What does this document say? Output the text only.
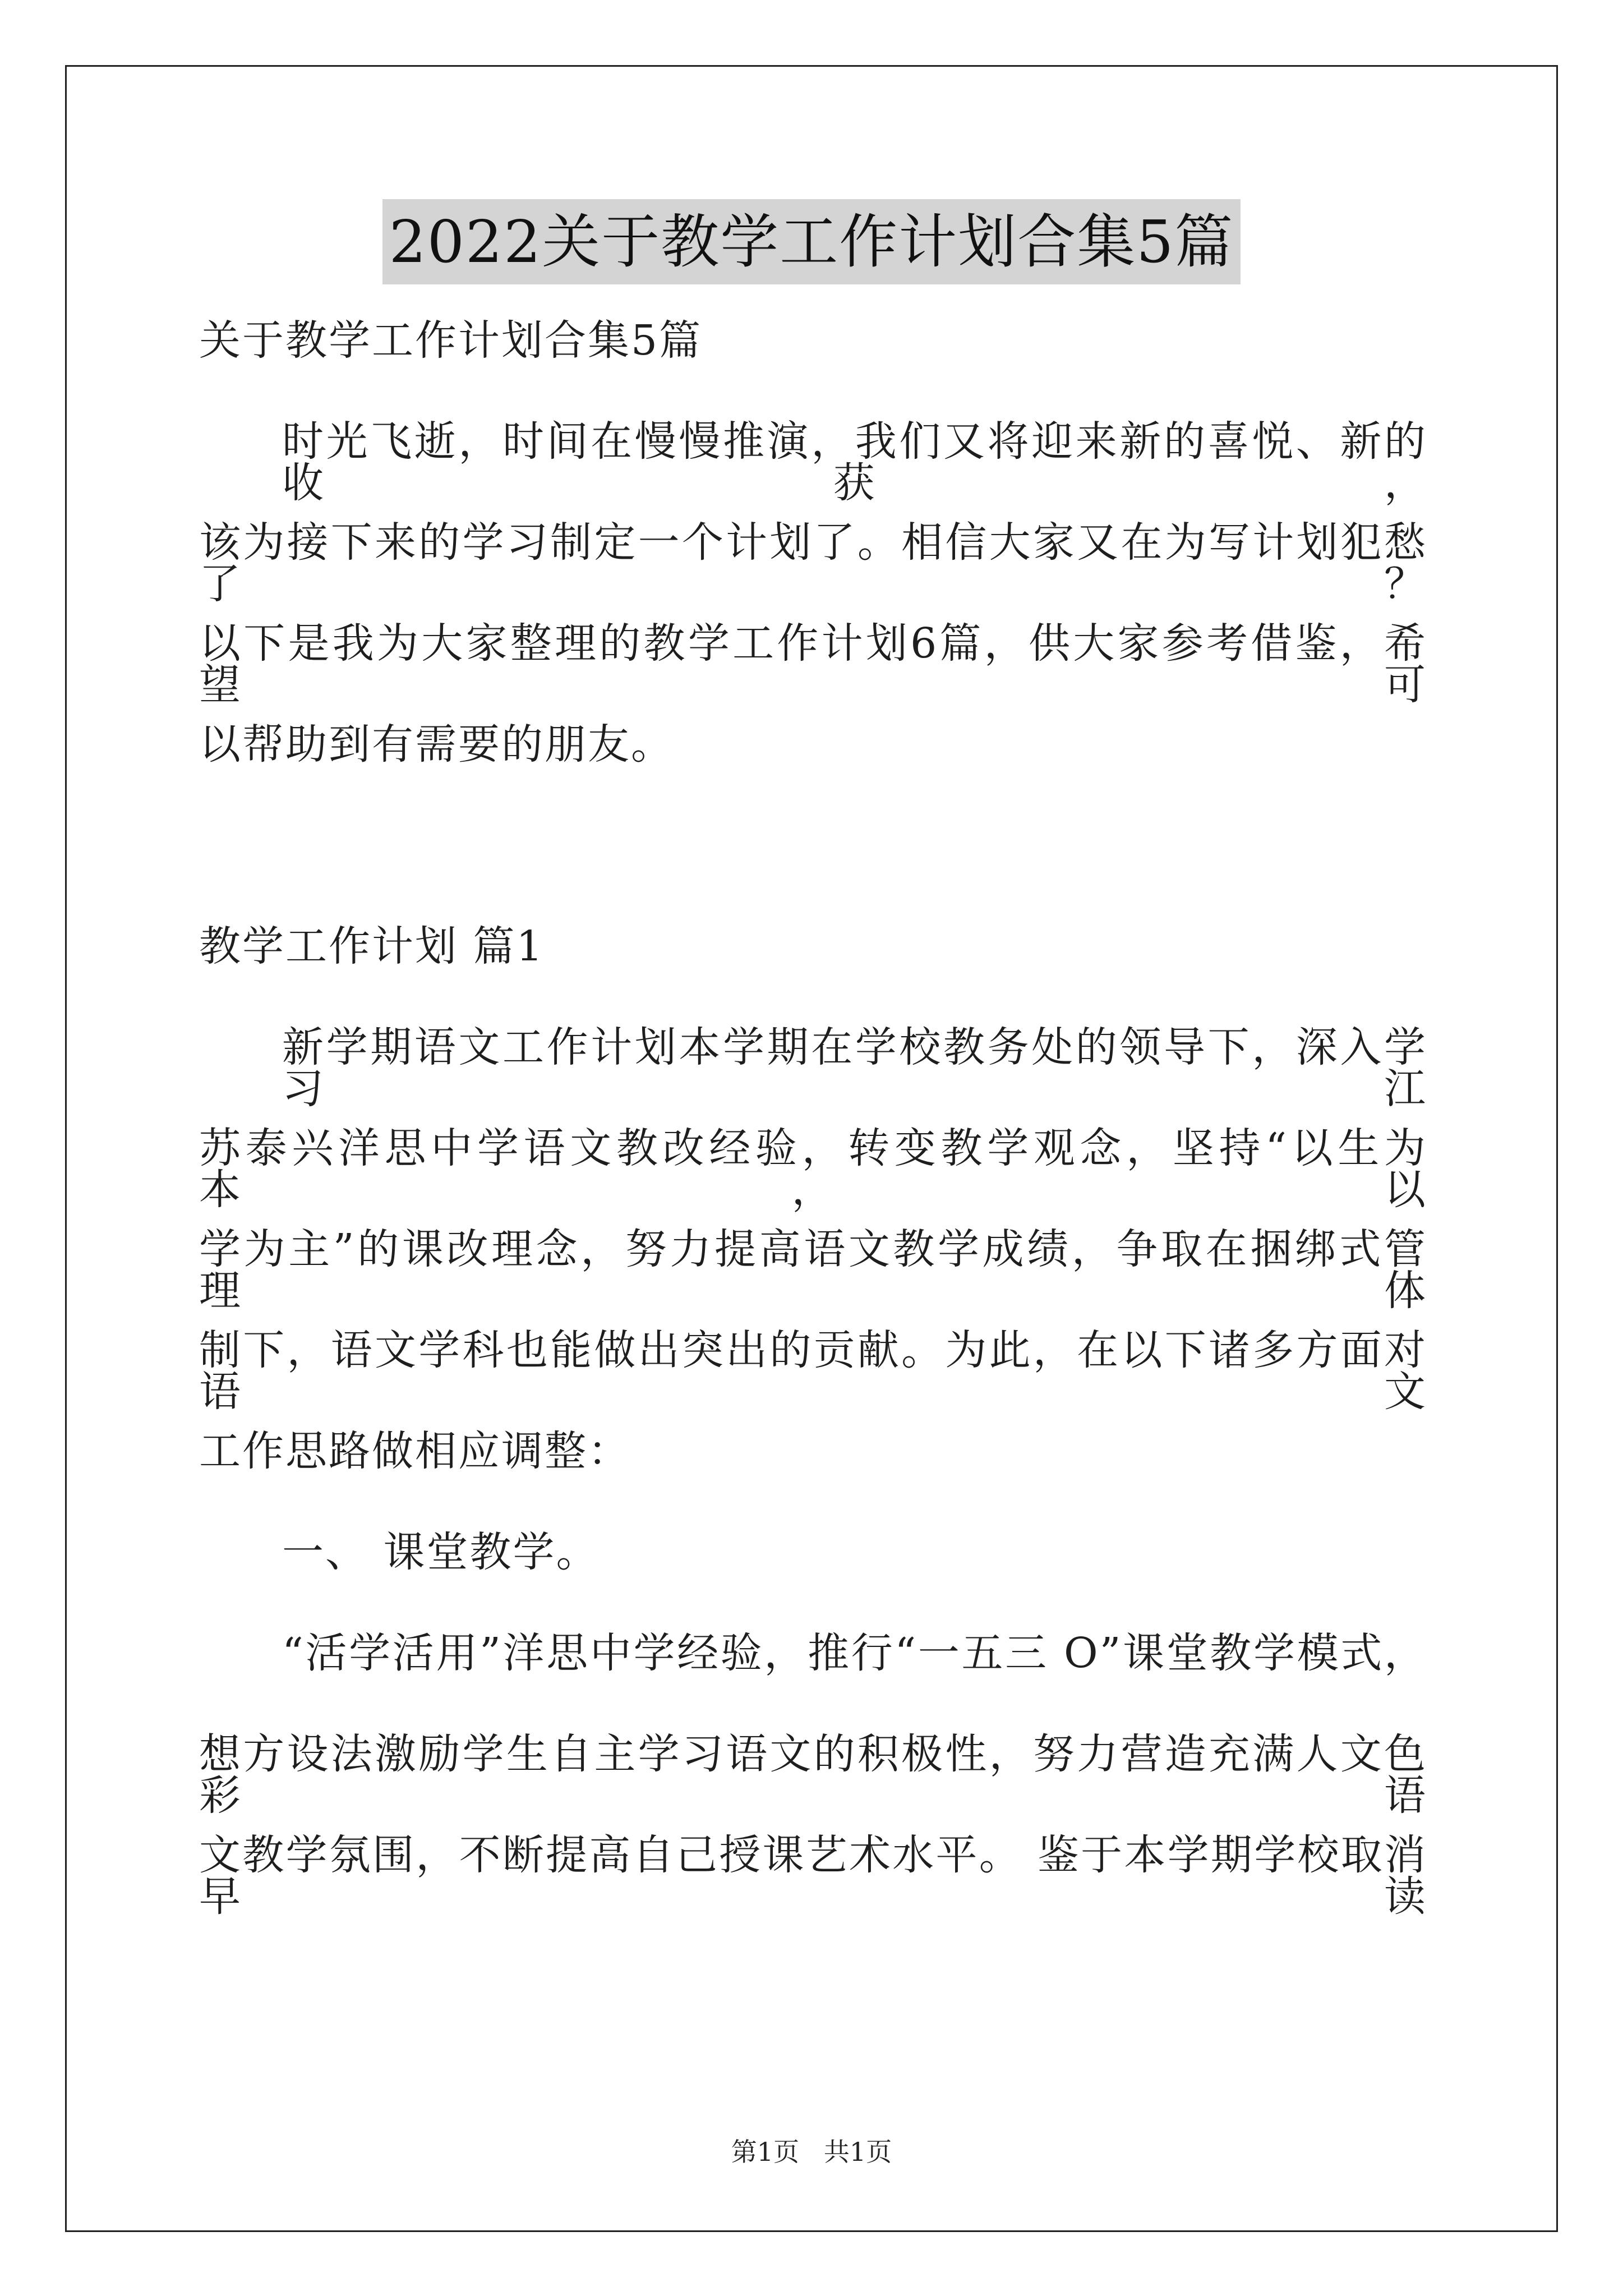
2022关于教学工作计划合集5篇
关于教学工作计划合集5篇
时光飞逝，时间在慢慢推演，我们又将迎来新的喜悦、新的收获，
该为接下来的学习制定一个计划了。相信大家又在为写计划犯愁了？
以下是我为大家整理的教学工作计划6篇，供大家参考借鉴，希望可
以帮助到有需要的朋友。
教学工作计划 篇1
新学期语文工作计划本学期在学校教务处的领导下，深入学习江
苏泰兴洋思中学语文教改经验，转变教学观念，坚持“以生为本，以
学为主”的课改理念，努力提高语文教学成绩，争取在捆绑式管理体
制下，语文学科也能做出突出的贡献。为此，在以下诸多方面对语文
工作思路做相应调整：
一、 课堂教学。
“活学活用”洋思中学经验，推行“一五三 O”课堂教学模式，
想方设法激励学生自主学习语文的积极性，努力营造充满人文色彩语
文教学氛围，不断提高自己授课艺术水平。 鉴于本学期学校取消早读
第1页   共1页
